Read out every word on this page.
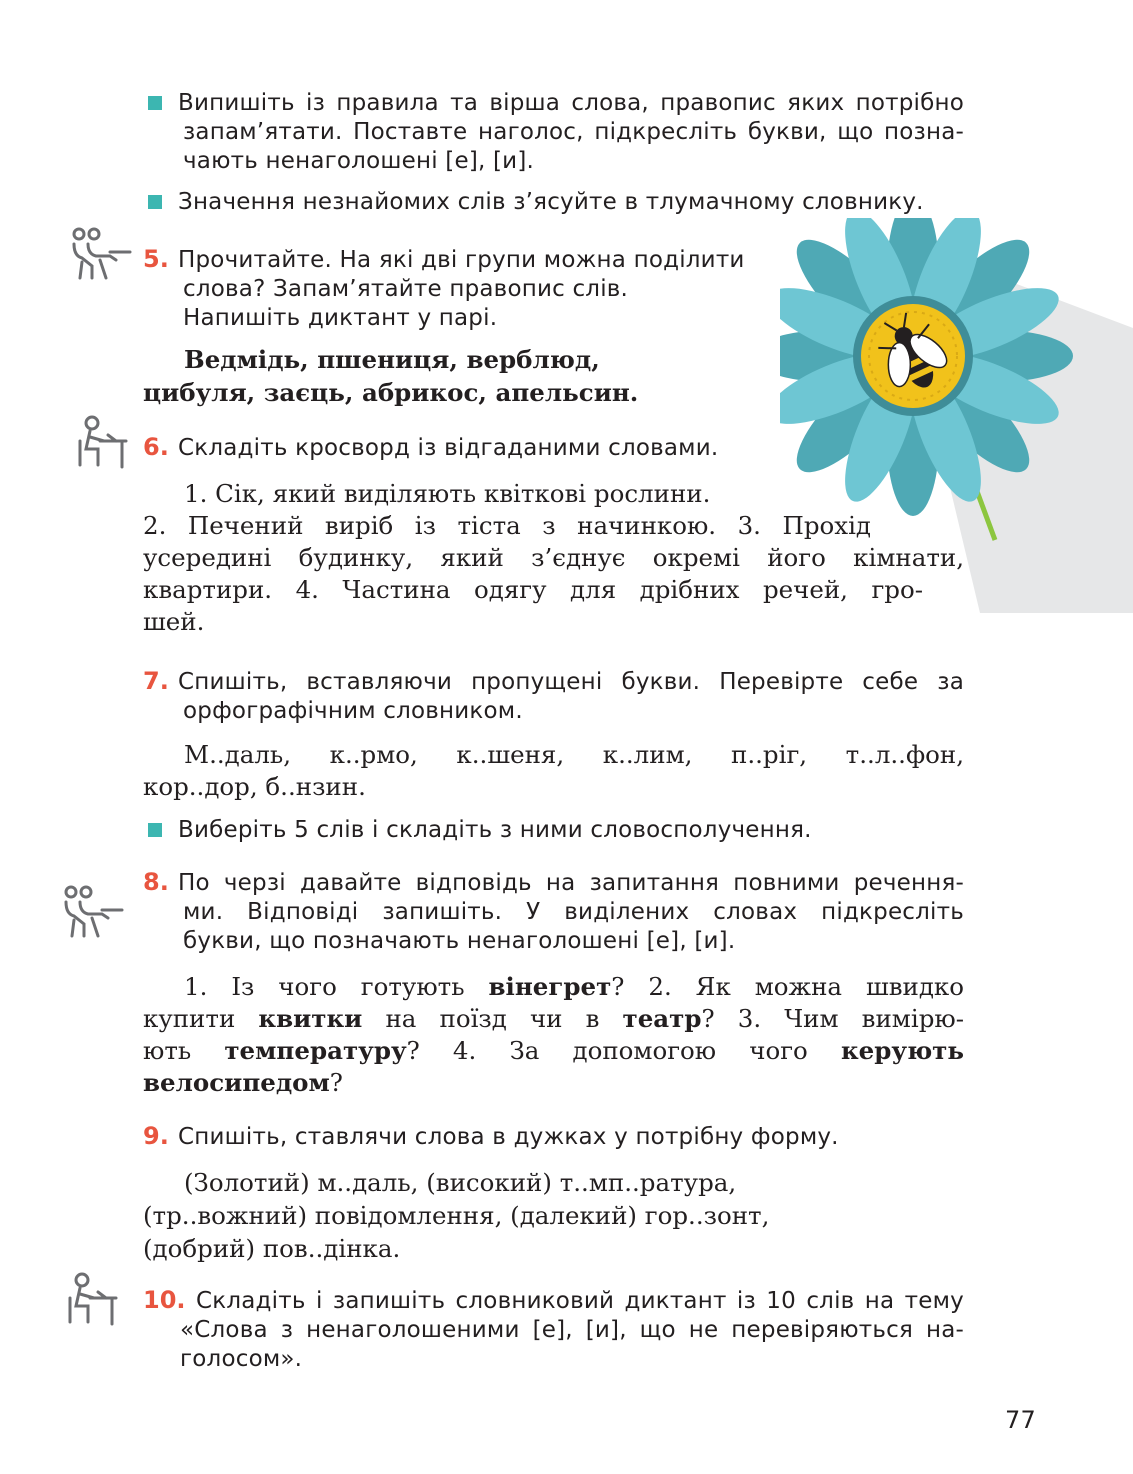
Випишіть із правила та вірша слова, правопис яких потрібно
запам’ятати. Поставте наголос, підкресліть букви, що позна-
чають ненаголошені [е], [и].
Значення незнайомих слів з’ясуйте в тлумачному словнику.
5. Прочитайте. На які дві групи можна поділити
слова? Запам’ятайте правопис слів.
Напишіть диктант у парі.
Ведмідь, пшениця, верблюд,
цибуля, заєць, абрикос, апельсин.
6. Складіть кросворд із відгаданими словами.
1. Сік, який виділяють квіткові рослини.
2. Печений виріб із тіста з начинкою. 3. Прохід
усередині будинку, який з’єднує окремі його кімнати,
квартири. 4. Частина одягу для дрібних речей, гро-
шей.
7. Спишіть, вставляючи пропущені букви. Перевірте себе за
орфографічним словником.
М..даль, к..рмо, к..шеня, к..лим, п..ріг, т..л..фон,
кор..дор, б..нзин.
Виберіть 5 слів і складіть з ними словосполучення.
8. По черзі давайте відповідь на запитання повними речення-
ми. Відповіді запишіть. У виділених словах підкресліть
букви, що позначають ненаголошені [е], [и].
1. Із чого готують вінегрет? 2. Як можна швидко
купити квитки на поїзд чи в театр? 3. Чим вимірю-
ють температуру? 4. За допомогою чого керують
велосипедом?
9. Спишіть, ставлячи слова в дужках у потрібну форму.
(Золотий) м..даль, (високий) т..мп..ратура,
(тр..вожний) повідомлення, (далекий) гор..зонт,
(добрий) пов..дінка.
10. Складіть і запишіть словниковий диктант із 10 слів на тему
«Слова з ненаголошеними [е], [и], що не перевіряються на-
голосом».
77
